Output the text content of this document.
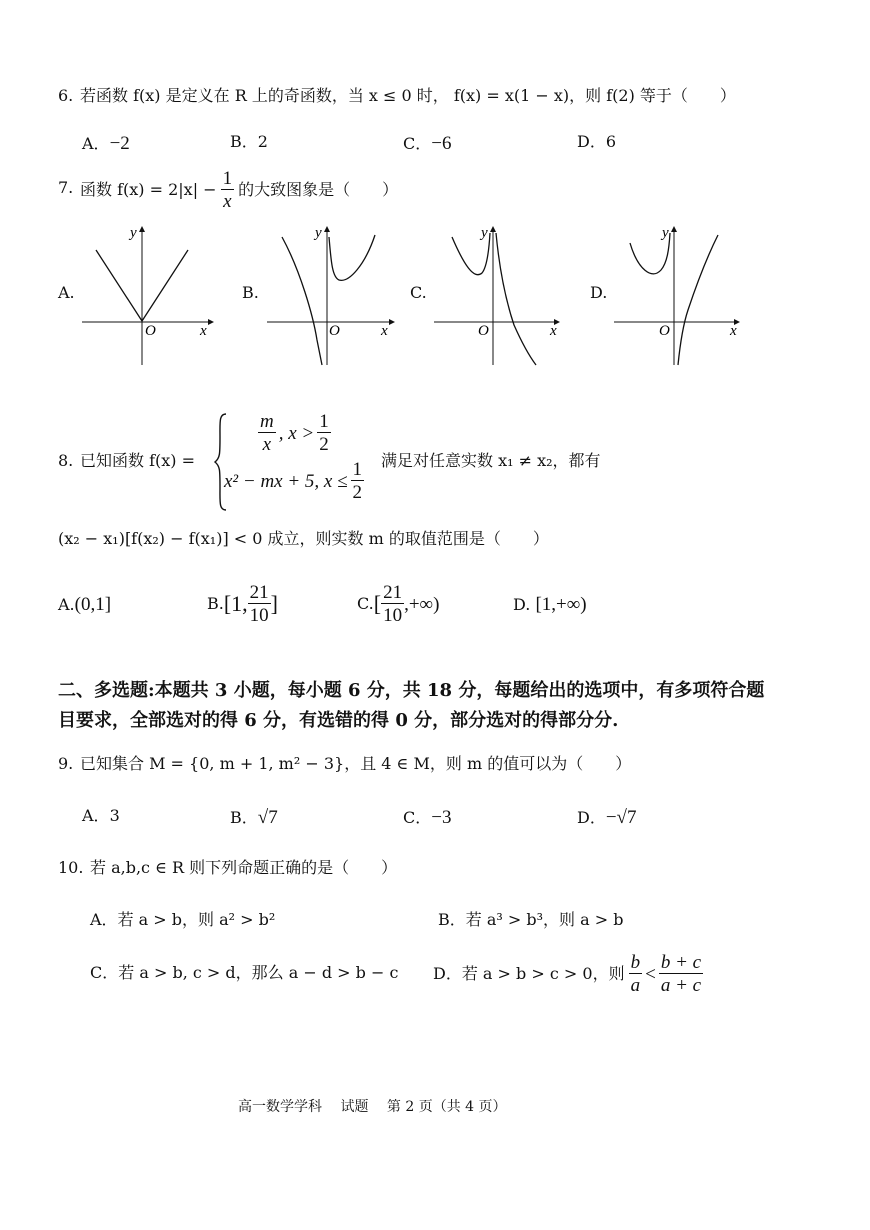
6. 若函数 f(x) 是定义在 R 上的奇函数，当 x ≤ 0 时， f(x) = x(1 − x)，则 f(2) 等于（　　）
A．−2	B．2	C．−6	D．6
7. 函数 $f(x) = 2|x| - \frac{1}{x}$ 的大致图象是（　　）
A.
y
O	x
B.
y
O	x
C.
y
O	x
D.
y
O	x
8. 已知函数 f(x) =
$\frac{m}{x}$ , $x > \frac{1}{2}$
x² − mx + 5, $x \le \frac{1}{2}$ 满足对任意实数 x₁ ≠ x₂，都有
(x₂ − x₁)[f(x₂) − f(x₁)] < 0 成立，则实数 m 的取值范围是（　　）
A.(0,1]	B. [1, $\frac{21}{10}$ ]	C. [ $\frac{21}{10}$ ,+∞)	D. [1,+∞)
二、多选题:本题共 3 小题，每小题 6 分，共 18 分，每题给出的选项中，有多项符合题
目要求，全部选对的得 6 分，有选错的得 0 分，部分选对的得部分分.
9. 已知集合 M = {0, m + 1, m² − 3}，且 4 ∈ M，则 m 的值可以为（　　）
A．3	B．√7	C．−3	D．−√7
10. 若 a,b,c ∈ R 则下列命题正确的是（　　）
A．若 a > b，则 a² > b²	B．若 a³ > b³，则 a > b
C．若 a > b, c > d，那么 a − d > b − c D． 若 a > b > c > 0，则 $\frac{b}{a} < \frac{b + c}{a + c}$
高一数学学科　 试题　 第 2 页（共 4 页）
